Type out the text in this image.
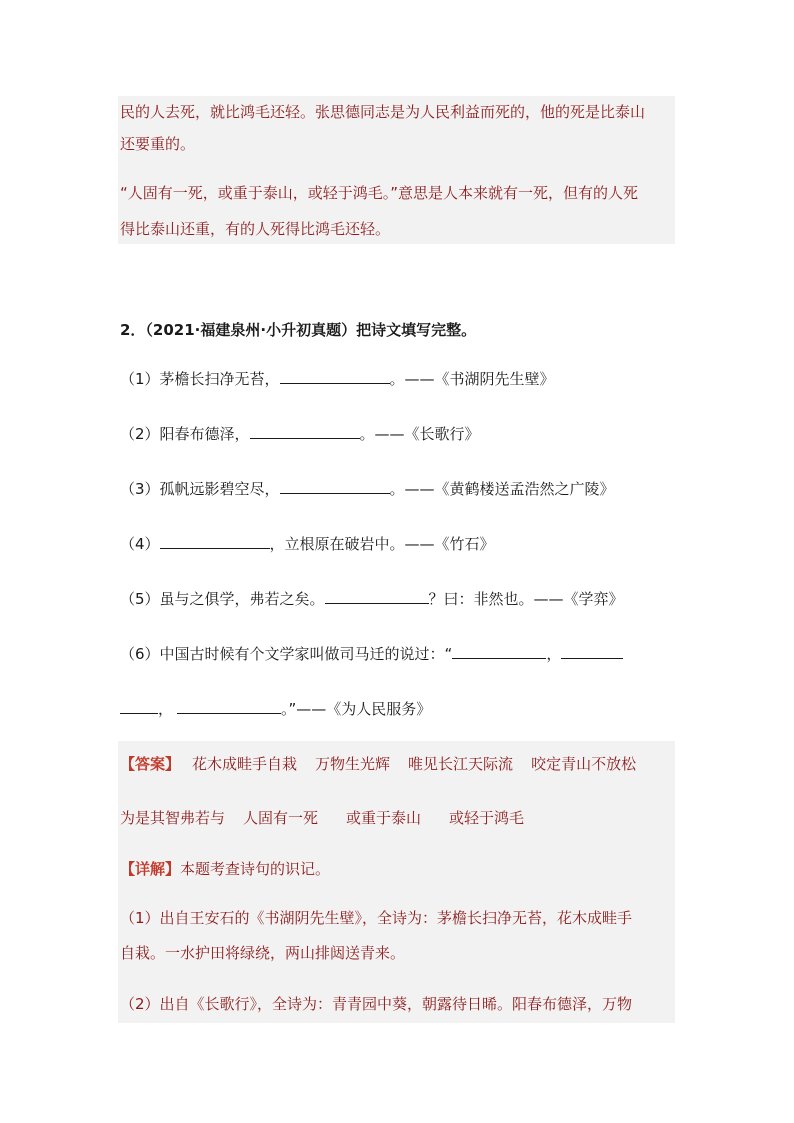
民的人去死，就比鸿毛还轻。张思德同志是为人民利益而死的，他的死是比泰山
还要重的。
“人固有一死，或重于泰山，或轻于鸿毛。”意思是人本来就有一死，但有的人死
得比泰山还重，有的人死得比鸿毛还轻。
2．（2021·福建泉州·小升初真题）把诗文填写完整。
（1）茅檐长扫净无苔，	。——《书湖阴先生壁》
（2）阳春布德泽，	。——《长歌行》
（3）孤帆远影碧空尽，	。——《黄鹤楼送孟浩然之广陵》
（4）	，立根原在破岩中。——《竹石》
（5）虽与之俱学，弗若之矣。	？曰：非然也。——《学弈》
（6）中国古时候有个文学家叫做司马迁的说过：“	，
，	。”——《为人民服务》
【答案】 花木成畦手自栽 万物生光辉 唯见长江天际流 咬定青山不放松
为是其智弗若与 人固有一死 或重于泰山 或轻于鸿毛
【详解】本题考查诗句的识记。
（1）出自王安石的《书湖阴先生壁》，全诗为：茅檐长扫净无苔，花木成畦手
自栽。一水护田将绿绕，两山排闼送青来。
（2）出自《长歌行》，全诗为：青青园中葵，朝露待日晞。阳春布德泽，万物
